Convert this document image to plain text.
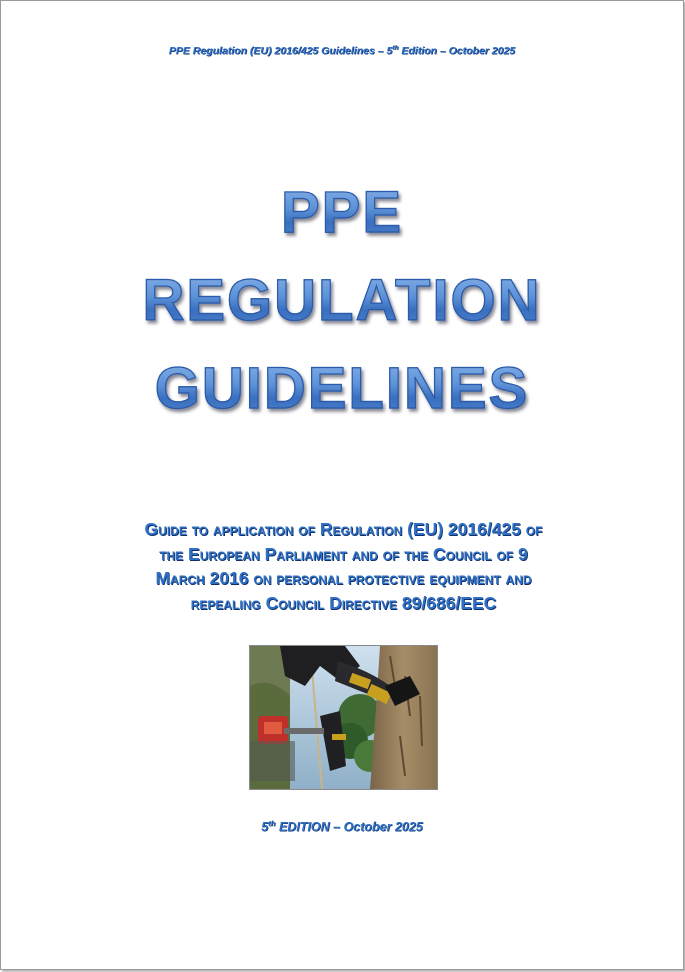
PPE Regulation (EU) 2016/425 Guidelines – 5th Edition – October 2025
PPE
REGULATION
GUIDELINES
Guide to application of Regulation (EU) 2016/425 of
the European Parliament and of the Council of 9
March 2016 on personal protective equipment and
repealing Council Directive 89/686/EEC
5th EDITION – October 2025
